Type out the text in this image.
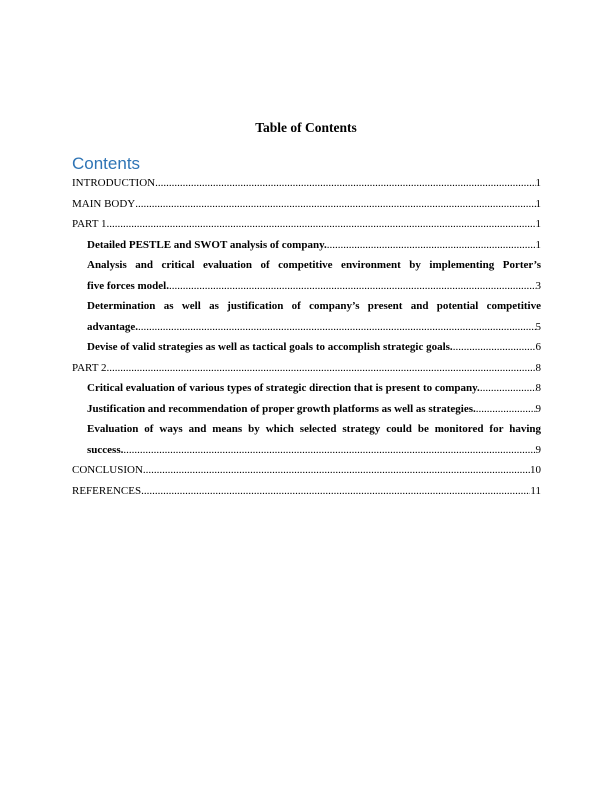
Table of Contents
Contents
INTRODUCTION .....	1
MAIN BODY .....	1
PART 1 .....	1
Detailed PESTLE and SWOT analysis of company. .....	1
Analysis and critical evaluation of competitive environment by implementing Porter’s
five forces model. .....	3
Determination as well as justification of company’s present and potential competitive
advantage. .....	5
Devise of valid strategies as well as tactical goals to accomplish strategic goals. .....	6
PART 2 .....	8
Critical evaluation of various types of strategic direction that is present to company. .....	8
Justification and recommendation of proper growth platforms as well as strategies. .....	9
Evaluation of ways and means by which selected strategy could be monitored for having
success. .....	9
CONCLUSION .....	10
REFERENCES .....	11
